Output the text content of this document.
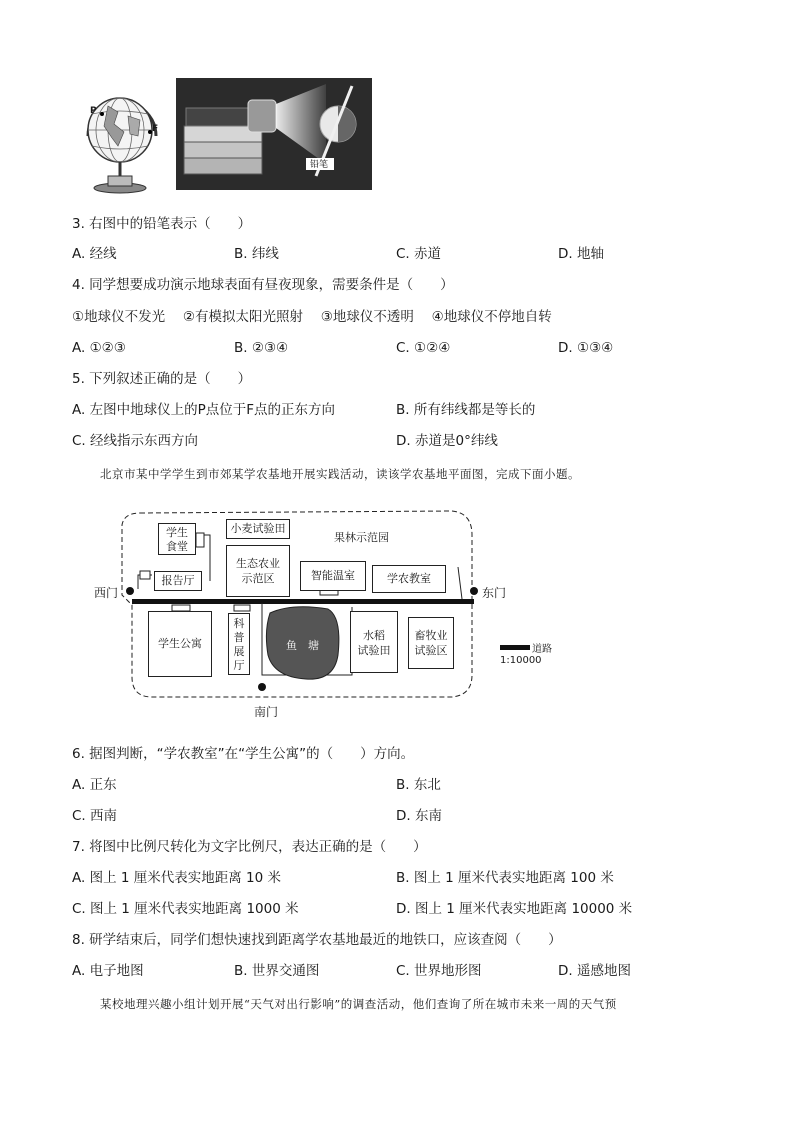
P
F
铅笔
3. 右图中的铅笔表示（　　）
A. 经线	B. 纬线	C. 赤道	D. 地轴
4. 同学想要成功演示地球表面有昼夜现象，需要条件是（　　）
①地球仪不发光　 ②有模拟太阳光照射　 ③地球仪不透明　 ④地球仪不停地自转
A. ①②③	B. ②③④	C. ①②④	D. ①③④
5. 下列叙述正确的是（　　）
A. 左图中地球仪上的P点位于F点的正东方向	B. 所有纬线都是等长的
C. 经线指示东西方向	D. 赤道是0°纬线
北京市某中学学生到市郊某学农基地开展实践活动，读该学农基地平面图，完成下面小题。
学生
食堂
小麦试验田
果林示范园
生态农业
示范区
报告厅	智能温室	学农教室
学生公寓
科
普
展
厅
鱼　塘
水稻
试验田
畜牧业
试验区
西门	东门
南门
道路
1:10000
6. 据图判断，“学农教室”在“学生公寓”的（　　）方向。
A. 正东	B. 东北
C. 西南	D. 东南
7. 将图中比例尺转化为文字比例尺，表达正确的是（　　）
A. 图上 1 厘米代表实地距离 10 米	B. 图上 1 厘米代表实地距离 100 米
C. 图上 1 厘米代表实地距离 1000 米	D. 图上 1 厘米代表实地距离 10000 米
8. 研学结束后，同学们想快速找到距离学农基地最近的地铁口，应该查阅（　　）
A. 电子地图	B. 世界交通图	C. 世界地形图	D. 遥感地图
某校地理兴趣小组计划开展“天气对出行影响”的调查活动，他们查询了所在城市未来一周的天气预
